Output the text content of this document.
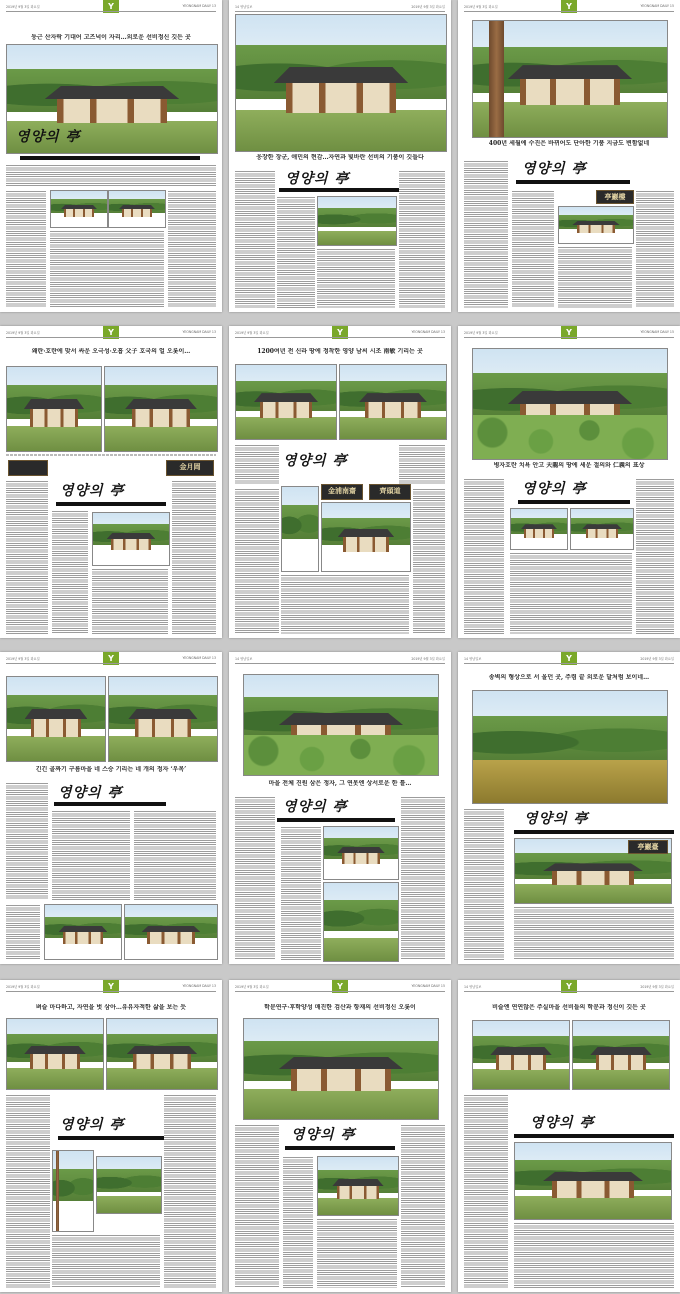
2019년 9월 3일 화요일	YEONGNAM DAILY 13
Y
둥근 산자락 기대어 고즈넉이 자리…외로운 선비정신 깃든 곳
영양의 亭
14 영남일보	2019년 9월 3일 화요일
웅장한 장군, 애민의 현감…자연과 빛바란 선비의 기품이 깃들다
영양의 亭
2019년 9월 3일 화요일	YEONGNAM DAILY 15
Y
400년 세월에 수진은 바뀌어도 단아한 기품 지금도 변함없네
영양의 亭
亭巖樓
2019년 9월 3일 화요일	YEONGNAM DAILY 13
Y
왜란·호란에 맞서 싸운 오극성·오흡 父子 호국의 얼 오롯이…
金月岡
영양의 亭
2019년 9월 3일 화요일	YEONGNAM DAILY 13
Y
1200여년 전 신라 땅에 정착한 영양 남씨 시조 南敏 기리는 곳
영양의 亭
金浦南齋	齊頭道
2019년 9월 3일 화요일	YEONGNAM DAILY 15
Y
병자호란 치욕 안고 天龍의 땅에 세운 절의와 仁義의 표상
영양의 亭
2019년 9월 3일 화요일	YEONGNAM DAILY 13
Y
긴긴 골짜기 구름마을 네 스승 기리는 네 개의 정자 ‘우목’
영양의 亭
14 영남일보	2019년 9월 3일 화요일
마을 전체 진원 삼은 정자, 그 연못엔 상서로운 한 틀…
영양의 亭
14 영남일보	2019년 9월 3일 화요일
Y
송벽의 형상으로 서 올던 곳, 주렴 끝 외로운 달처럼 보이네…
영양의 亭
亭巖臺
2019년 9월 3일 화요일	YEONGNAM DAILY 13
Y
벼슬 마다하고, 자연을 벗 삼아…유유자적한 삶을 보는 듯
영양의 亭
2019년 9월 3일 화요일	YEONGNAM DAILY 15
Y
학문연구·후학양성 매진한 검산과 항재의 선비정신 오롯이
영양의 亭
14 영남일보	2019년 9월 3일 화요일
Y
비슬엔 연연않은 주실마을 선비들의 학문과 정신이 깃든 곳
영양의 亭
